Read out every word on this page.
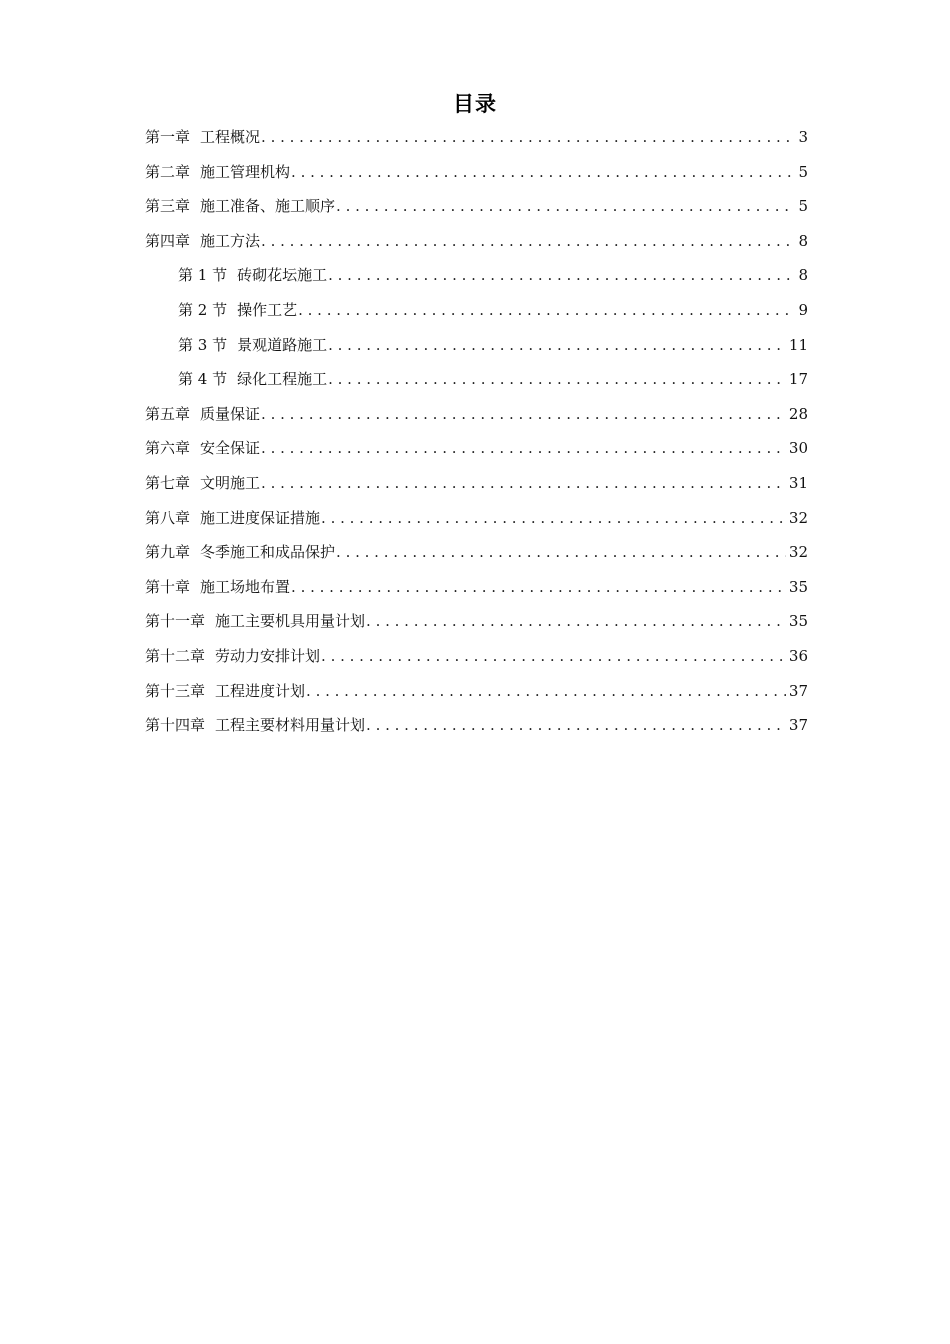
目录
第一章 工程概况 . . .	3
第二章 施工管理机构 . . .	5
第三章 施工准备、施工顺序 . . .	5
第四章 施工方法 . . .	8
第 1 节 砖砌花坛施工 . . .	8
第 2 节 操作工艺 . . .	9
第 3 节 景观道路施工 . . .	11
第 4 节 绿化工程施工 . . .	17
第五章 质量保证 . . .	28
第六章 安全保证 . . .	30
第七章 文明施工 . . .	31
第八章 施工进度保证措施 . . .	32
第九章 冬季施工和成品保护 . . .	32
第十章 施工场地布置 . . .	35
第十一章 施工主要机具用量计划 . . .	35
第十二章 劳动力安排计划 . . .	36
第十三章 工程进度计划 . . .	37
第十四章 工程主要材料用量计划 . . .	37
